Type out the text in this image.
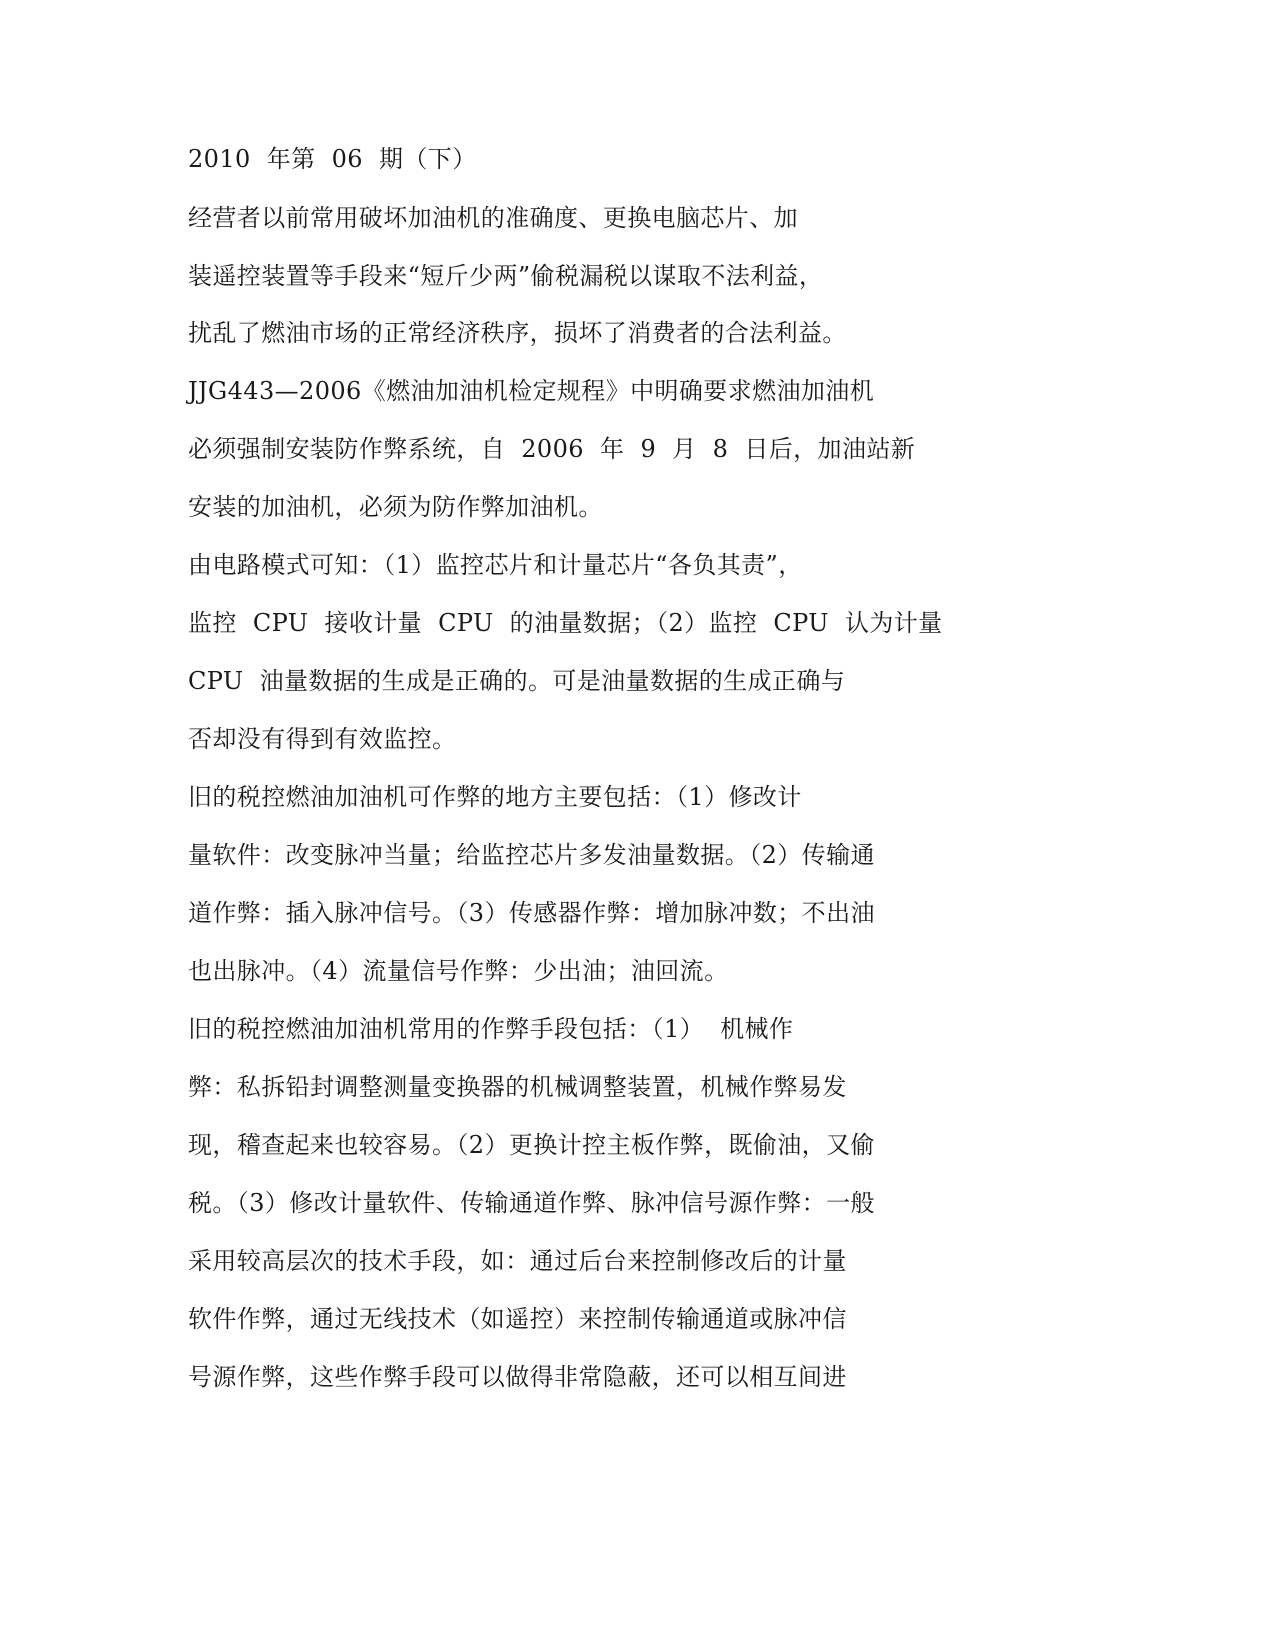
2010  年第  06  期（下）

经营者以前常用破坏加油机的准确度、更换电脑芯片、加

装遥控装置等手段来“短斤少两”偷税漏税以谋取不法利益，

扰乱了燃油市场的正常经济秩序，损坏了消费者的合法利益。

JJG443—2006《燃油加油机检定规程》中明确要求燃油加油机

必须强制安装防作弊系统，自  2006  年  9  月  8  日后，加油站新

安装的加油机，必须为防作弊加油机。

由电路模式可知：（1）监控芯片和计量芯片“各负其责”，

监控  CPU  接收计量  CPU  的油量数据；（2）监控  CPU  认为计量

CPU  油量数据的生成是正确的。可是油量数据的生成正确与

否却没有得到有效监控。

旧的税控燃油加油机可作弊的地方主要包括：（1）修改计

量软件：改变脉冲当量；给监控芯片多发油量数据。（2）传输通

道作弊：插入脉冲信号。（3）传感器作弊：增加脉冲数；不出油

也出脉冲。（4）流量信号作弊：少出油；油回流。

旧的税控燃油加油机常用的作弊手段包括：（1）  机械作

弊：私拆铅封调整测量变换器的机械调整装置，机械作弊易发

现，稽查起来也较容易。（2）更换计控主板作弊，既偷油，又偷

税。（3）修改计量软件、传输通道作弊、脉冲信号源作弊：一般

采用较高层次的技术手段，如：通过后台来控制修改后的计量

软件作弊，通过无线技术（如遥控）来控制传输通道或脉冲信

号源作弊，这些作弊手段可以做得非常隐蔽，还可以相互间进
